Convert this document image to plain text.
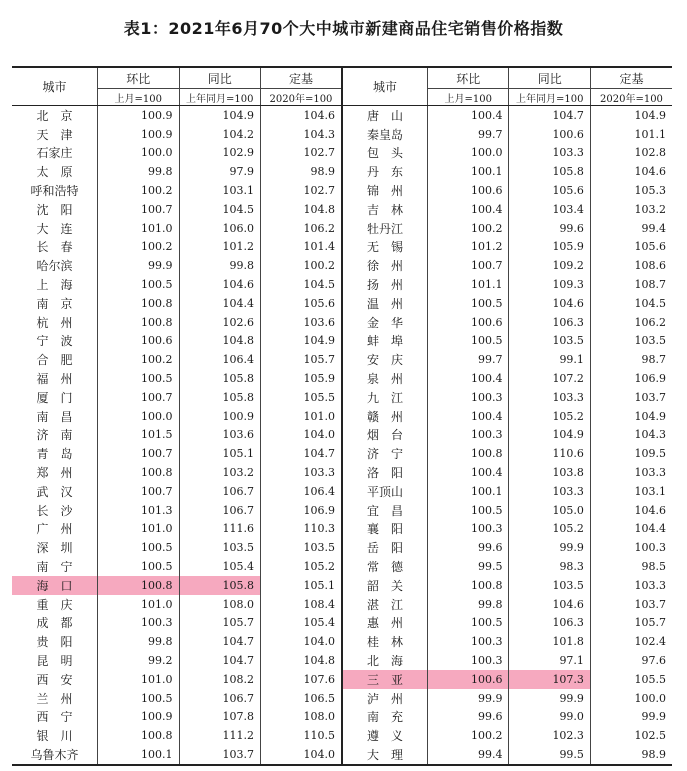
表1：2021年6月70个大中城市新建商品住宅销售价格指数
城市	环比	同比	定基	城市	环比	同比	定基
	上月=100	上年同月=100	2020年=100		上月=100	上年同月=100	2020年=100
北　京	100.9	104.9	104.6	唐　山	100.4	104.7	104.9
天　津	100.9	104.2	104.3	秦皇岛	99.7	100.6	101.1
石家庄	100.0	102.9	102.7	包　头	100.0	103.3	102.8
太　原	99.8	97.9	98.9	丹　东	100.1	105.8	104.6
呼和浩特	100.2	103.1	102.7	锦　州	100.6	105.6	105.3
沈　阳	100.7	104.5	104.8	吉　林	100.4	103.4	103.2
大　连	101.0	106.0	106.2	牡丹江	100.2	99.6	99.4
长　春	100.2	101.2	101.4	无　锡	101.2	105.9	105.6
哈尔滨	99.9	99.8	100.2	徐　州	100.7	109.2	108.6
上　海	100.5	104.6	104.5	扬　州	101.1	109.3	108.7
南　京	100.8	104.4	105.6	温　州	100.5	104.6	104.5
杭　州	100.8	102.6	103.6	金　华	100.6	106.3	106.2
宁　波	100.6	104.8	104.9	蚌　埠	100.5	103.5	103.5
合　肥	100.2	106.4	105.7	安　庆	99.7	99.1	98.7
福　州	100.5	105.8	105.9	泉　州	100.4	107.2	106.9
厦　门	100.7	105.8	105.5	九　江	100.3	103.3	103.7
南　昌	100.0	100.9	101.0	赣　州	100.4	105.2	104.9
济　南	101.5	103.6	104.0	烟　台	100.3	104.9	104.3
青　岛	100.7	105.1	104.7	济　宁	100.8	110.6	109.5
郑　州	100.8	103.2	103.3	洛　阳	100.4	103.8	103.3
武　汉	100.7	106.7	106.4	平顶山	100.1	103.3	103.1
长　沙	101.3	106.7	106.9	宜　昌	100.5	105.0	104.6
广　州	101.0	111.6	110.3	襄　阳	100.3	105.2	104.4
深　圳	100.5	103.5	103.5	岳　阳	99.6	99.9	100.3
南　宁	100.5	105.4	105.2	常　德	99.5	98.3	98.5
海　口	100.8	105.8	105.1	韶　关	100.8	103.5	103.3
重　庆	101.0	108.0	108.4	湛　江	99.8	104.6	103.7
成　都	100.3	105.7	105.4	惠　州	100.5	106.3	105.7
贵　阳	99.8	104.7	104.0	桂　林	100.3	101.8	102.4
昆　明	99.2	104.7	104.8	北　海	100.3	97.1	97.6
西　安	101.0	108.2	107.6	三　亚	100.6	107.3	105.5
兰　州	100.5	106.7	106.5	泸　州	99.9	99.9	100.0
西　宁	100.9	107.8	108.0	南　充	99.6	99.0	99.9
银　川	100.8	111.2	110.5	遵　义	100.2	102.3	102.5
乌鲁木齐	100.1	103.7	104.0	大　理	99.4	99.5	98.9
